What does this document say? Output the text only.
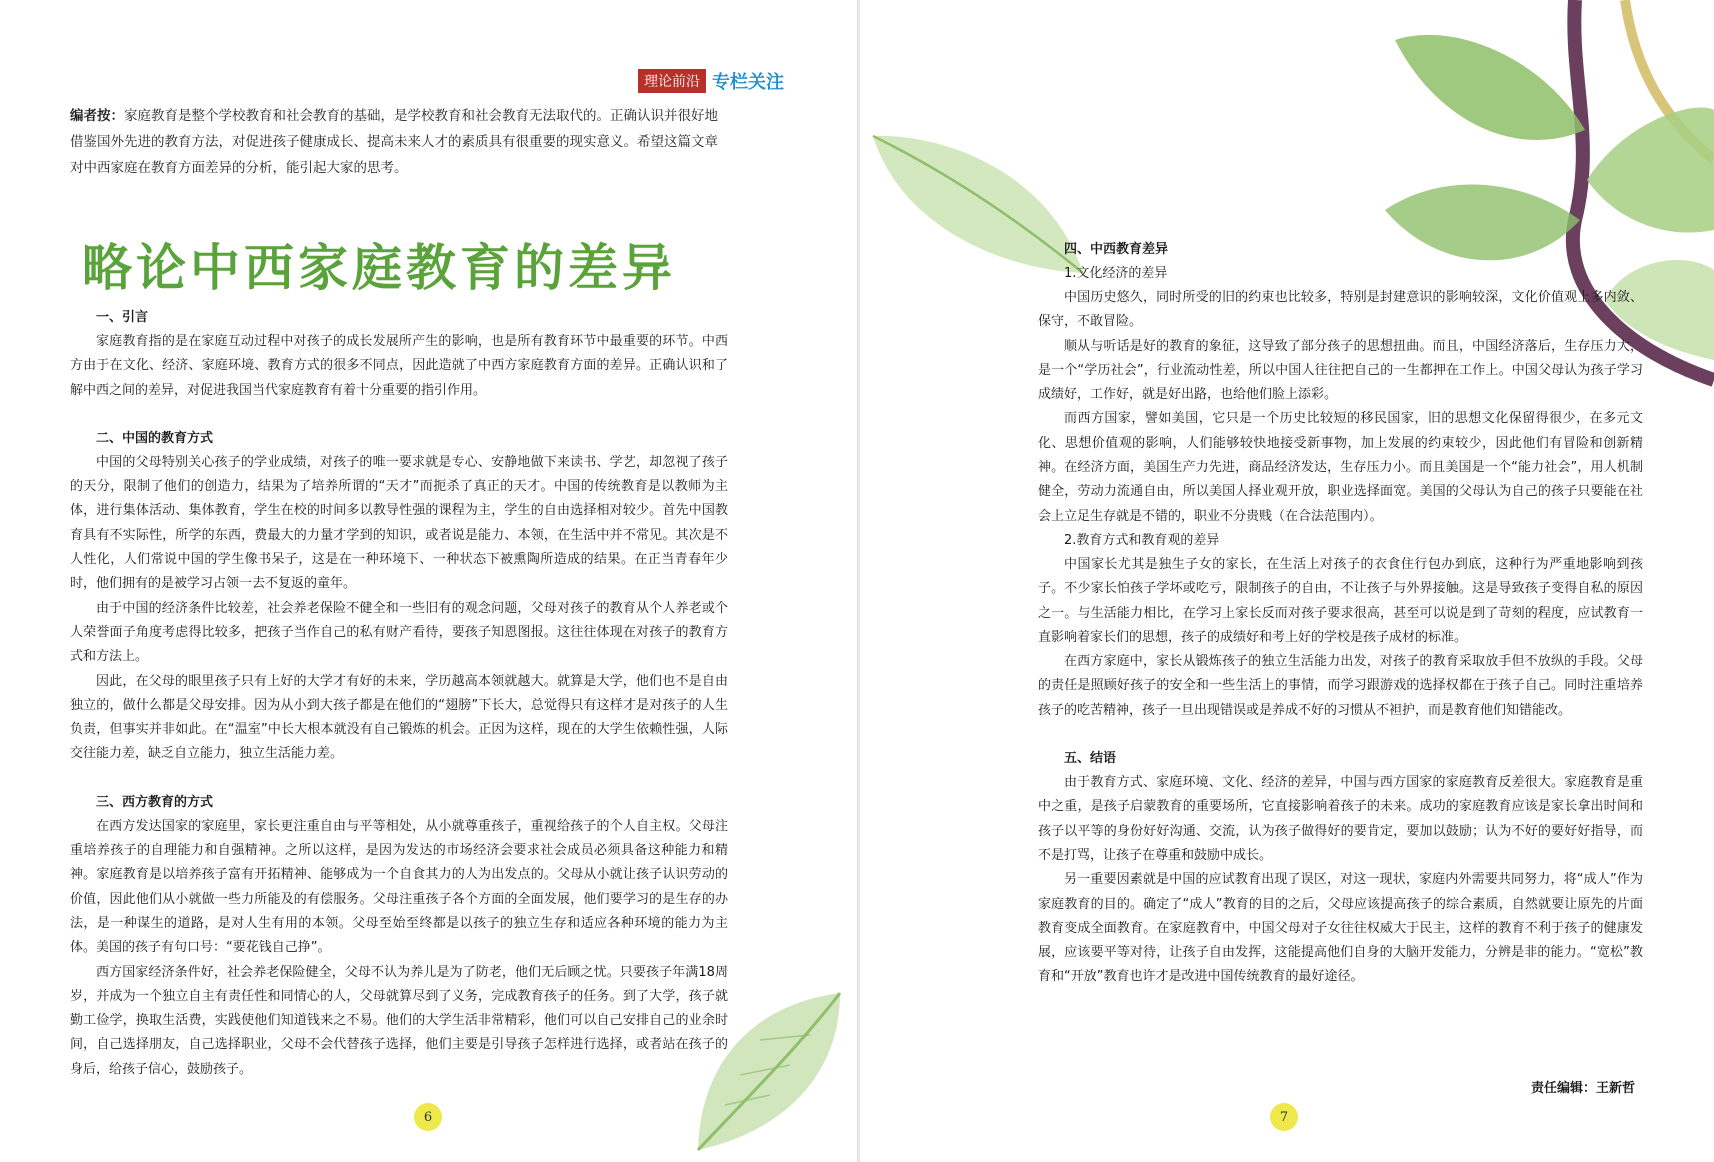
理论前沿 专栏关注
编者按：家庭教育是整个学校教育和社会教育的基础，是学校教育和社会教育无法取代的。正确认识并很好地借鉴国外先进的教育方法，对促进孩子健康成长、提高未来人才的素质具有很重要的现实意义。希望这篇文章对中西家庭在教育方面差异的分析，能引起大家的思考。
略论中西家庭教育的差异

一、引言

家庭教育指的是在家庭互动过程中对孩子的成长发展所产生的影响，也是所有教育环节中最重要的环节。中西方由于在文化、经济、家庭环境、教育方式的很多不同点，因此造就了中西方家庭教育方面的差异。正确认识和了解中西之间的差异，对促进我国当代家庭教育有着十分重要的指引作用。

二、中国的教育方式

中国的父母特别关心孩子的学业成绩，对孩子的唯一要求就是专心、安静地做下来读书、学艺，却忽视了孩子的天分，限制了他们的创造力，结果为了培养所谓的“天才”而扼杀了真正的天才。中国的传统教育是以教师为主体，进行集体活动、集体教育，学生在校的时间多以教导性强的课程为主，学生的自由选择相对较少。首先中国教育具有不实际性，所学的东西，费最大的力量才学到的知识，或者说是能力、本领，在生活中并不常见。其次是不人性化，人们常说中国的学生像书呆子，这是在一种环境下、一种状态下被熏陶所造成的结果。在正当青春年少时，他们拥有的是被学习占领一去不复返的童年。

由于中国的经济条件比较差，社会养老保险不健全和一些旧有的观念问题，父母对孩子的教育从个人养老或个人荣誉面子角度考虑得比较多，把孩子当作自己的私有财产看待，要孩子知恩图报。这往往体现在对孩子的教育方式和方法上。

因此，在父母的眼里孩子只有上好的大学才有好的未来，学历越高本领就越大。就算是大学，他们也不是自由独立的，做什么都是父母安排。因为从小到大孩子都是在他们的“翅膀”下长大，总觉得只有这样才是对孩子的人生负责，但事实并非如此。在“温室”中长大根本就没有自己锻炼的机会。正因为这样，现在的大学生依赖性强，人际交往能力差，缺乏自立能力，独立生活能力差。

三、西方教育的方式

在西方发达国家的家庭里，家长更注重自由与平等相处，从小就尊重孩子，重视给孩子的个人自主权。父母注重培养孩子的自理能力和自强精神。之所以这样，是因为发达的市场经济会要求社会成员必须具备这种能力和精神。家庭教育是以培养孩子富有开拓精神、能够成为一个自食其力的人为出发点的。父母从小就让孩子认识劳动的价值，因此他们从小就做一些力所能及的有偿服务。父母注重孩子各个方面的全面发展，他们要学习的是生存的办法，是一种谋生的道路，是对人生有用的本领。父母至始至终都是以孩子的独立生存和适应各种环境的能力为主体。美国的孩子有句口号：“要花钱自己挣”。

西方国家经济条件好，社会养老保险健全，父母不认为养儿是为了防老，他们无后顾之忧。只要孩子年满18周岁，并成为一个独立自主有责任性和同情心的人，父母就算尽到了义务，完成教育孩子的任务。到了大学，孩子就勤工俭学，换取生活费，实践使他们知道钱来之不易。他们的大学生活非常精彩，他们可以自己安排自己的业余时间，自己选择朋友，自己选择职业，父母不会代替孩子选择，他们主要是引导孩子怎样进行选择，或者站在孩子的身后，给孩子信心，鼓励孩子。

6

四、中西教育差异

1.文化经济的差异

中国历史悠久，同时所受的旧的约束也比较多，特别是封建意识的影响较深，文化价值观上多内敛、保守，不敢冒险。

顺从与听话是好的教育的象征，这导致了部分孩子的思想扭曲。而且，中国经济落后，生存压力大，是一个“学历社会”，行业流动性差，所以中国人往往把自己的一生都押在工作上。中国父母认为孩子学习成绩好，工作好，就是好出路，也给他们脸上添彩。

而西方国家，譬如美国，它只是一个历史比较短的移民国家，旧的思想文化保留得很少，在多元文化、思想价值观的影响，人们能够较快地接受新事物，加上发展的约束较少，因此他们有冒险和创新精神。在经济方面，美国生产力先进，商品经济发达，生存压力小。而且美国是一个“能力社会”，用人机制健全，劳动力流通自由，所以美国人择业观开放，职业选择面宽。美国的父母认为自己的孩子只要能在社会上立足生存就是不错的，职业不分贵贱（在合法范围内）。

2.教育方式和教育观的差异

中国家长尤其是独生子女的家长，在生活上对孩子的衣食住行包办到底，这种行为严重地影响到孩子。不少家长怕孩子学坏或吃亏，限制孩子的自由，不让孩子与外界接触。这是导致孩子变得自私的原因之一。与生活能力相比，在学习上家长反而对孩子要求很高，甚至可以说是到了苛刻的程度，应试教育一直影响着家长们的思想，孩子的成绩好和考上好的学校是孩子成材的标准。

在西方家庭中，家长从锻炼孩子的独立生活能力出发，对孩子的教育采取放手但不放纵的手段。父母的责任是照顾好孩子的安全和一些生活上的事情，而学习跟游戏的选择权都在于孩子自己。同时注重培养孩子的吃苦精神，孩子一旦出现错误或是养成不好的习惯从不袒护，而是教育他们知错能改。

五、结语

由于教育方式、家庭环境、文化、经济的差异，中国与西方国家的家庭教育反差很大。家庭教育是重中之重，是孩子启蒙教育的重要场所，它直接影响着孩子的未来。成功的家庭教育应该是家长拿出时间和孩子以平等的身份好好沟通、交流，认为孩子做得好的要肯定，要加以鼓励；认为不好的要好好指导，而不是打骂，让孩子在尊重和鼓励中成长。

另一重要因素就是中国的应试教育出现了误区，对这一现状，家庭内外需要共同努力，将“成人”作为家庭教育的目的。确定了“成人”教育的目的之后，父母应该提高孩子的综合素质，自然就要让原先的片面教育变成全面教育。在家庭教育中，中国父母对子女往往权威大于民主，这样的教育不利于孩子的健康发展，应该要平等对待，让孩子自由发挥，这能提高他们自身的大脑开发能力，分辨是非的能力。“宽松”教育和“开放”教育也许才是改进中国传统教育的最好途径。

责任编辑：王新哲
7
